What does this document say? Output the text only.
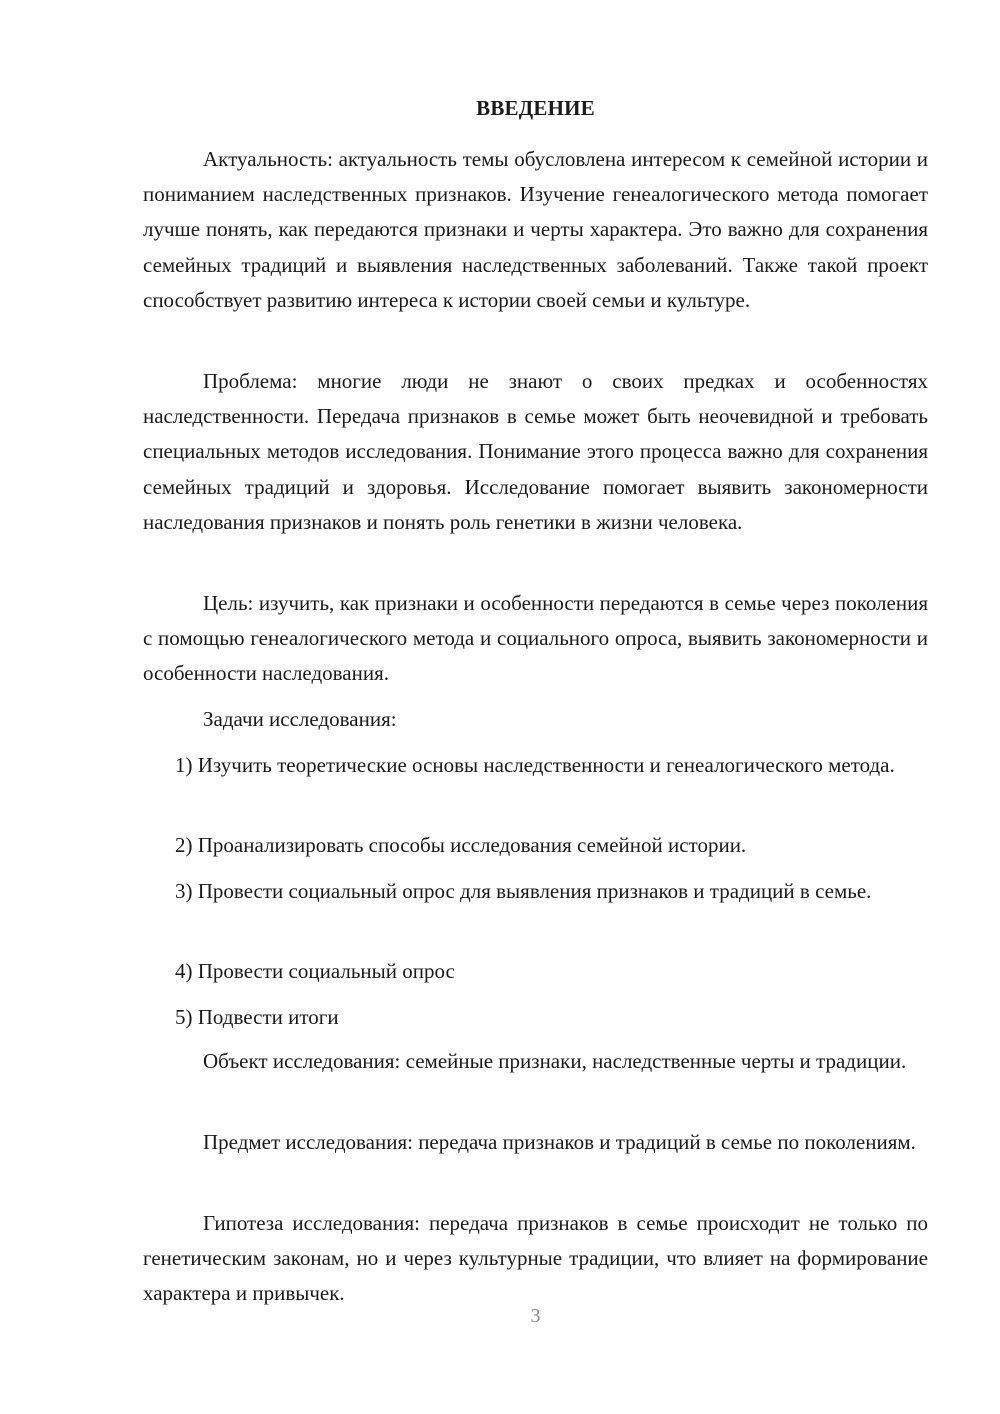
ВВЕДЕНИЕ

Актуальность: актуальность темы обусловлена интересом к семейной истории и пониманием наследственных признаков. Изучение генеалогического метода помогает лучше понять, как передаются признаки и черты характера. Это важно для сохранения семейных традиций и выявления наследственных заболеваний. Также такой проект способствует развитию интереса к истории своей семьи и культуре.

Проблема: многие люди не знают о своих предках и особенностях наследственности. Передача признаков в семье может быть неочевидной и требовать специальных методов исследования. Понимание этого процесса важно для сохранения семейных традиций и здоровья. Исследование помогает выявить закономерности наследования признаков и понять роль генетики в жизни человека.

Цель: изучить, как признаки и особенности передаются в семье через поколения с помощью генеалогического метода и социального опроса, выявить закономерности и особенности наследования.

Задачи исследования:

1) Изучить теоретические основы наследственности и генеалогического метода.

2) Проанализировать способы исследования семейной истории.

3) Провести социальный опрос для выявления признаков и традиций в семье.

4) Провести социальный опрос

5) Подвести итоги

Объект исследования: семейные признаки, наследственные черты и традиции.

Предмет исследования: передача признаков и традиций в семье по поколениям.

Гипотеза исследования: передача признаков в семье происходит не только по генетическим законам, но и через культурные традиции, что влияет на формирование характера и привычек.

3
